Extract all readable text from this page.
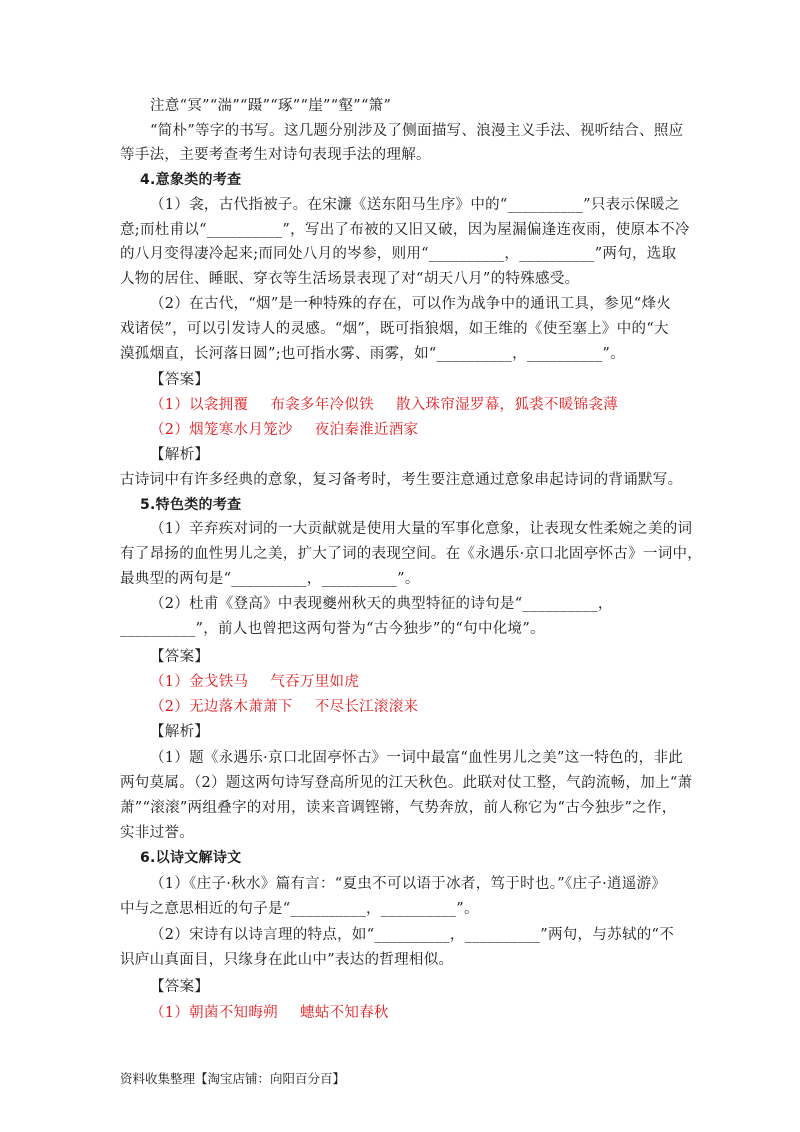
注意“冥”“湍”“蹑”“琢”“崖”“壑”“箫”
“简朴”等字的书写。这几题分别涉及了侧面描写、浪漫主义手法、视听结合、照应
等手法，主要考查考生对诗句表现手法的理解。
4.意象类的考查
（1）衾，古代指被子。在宋濂《送东阳马生序》中的“__________”只表示保暖之
意;而杜甫以“__________”，写出了布被的又旧又破，因为屋漏偏逢连夜雨，使原本不冷
的八月变得凄冷起来;而同处八月的岑参，则用“__________，__________”两句，选取
人物的居住、睡眠、穿衣等生活场景表现了对“胡天八月”的特殊感受。
（2）在古代，“烟”是一种特殊的存在，可以作为战争中的通讯工具，参见“烽火
戏诸侯”，可以引发诗人的灵感。“烟”，既可指狼烟，如王维的《使至塞上》中的“大
漠孤烟直，长河落日圆”;也可指水雾、雨雾，如“__________，__________”。
【答案】
（1）以衾拥覆 布衾多年冷似铁 散入珠帘湿罗幕，狐裘不暖锦衾薄
（2）烟笼寒水月笼沙 夜泊秦淮近酒家
【解析】
古诗词中有许多经典的意象，复习备考时，考生要注意通过意象串起诗词的背诵默写。
5.特色类的考查
（1）辛弃疾对词的一大贡献就是使用大量的军事化意象，让表现女性柔婉之美的词
有了昂扬的血性男儿之美，扩大了词的表现空间。在《永遇乐·京口北固亭怀古》一词中，
最典型的两句是“__________，__________”。
（2）杜甫《登高》中表现夔州秋天的典型特征的诗句是“__________，
__________”，前人也曾把这两句誉为“古今独步”的“句中化境”。
【答案】
（1）金戈铁马 气吞万里如虎
（2）无边落木萧萧下 不尽长江滚滚来
【解析】
（1）题《永遇乐·京口北固亭怀古》一词中最富“血性男儿之美”这一特色的，非此
两句莫属。（2）题这两句诗写登高所见的江天秋色。此联对仗工整，气韵流畅，加上“萧
萧”“滚滚”两组叠字的对用，读来音调铿锵，气势奔放，前人称它为“古今独步”之作，
实非过誉。
6.以诗文解诗文
（1）《庄子·秋水》篇有言：“夏虫不可以语于冰者，笃于时也。”《庄子·逍遥游》
中与之意思相近的句子是“__________，__________”。
（2）宋诗有以诗言理的特点，如“__________，__________”两句，与苏轼的“不
识庐山真面目，只缘身在此山中”表达的哲理相似。
【答案】
（1）朝菌不知晦朔 蟪蛄不知春秋
资料收集整理【淘宝店铺：向阳百分百】
